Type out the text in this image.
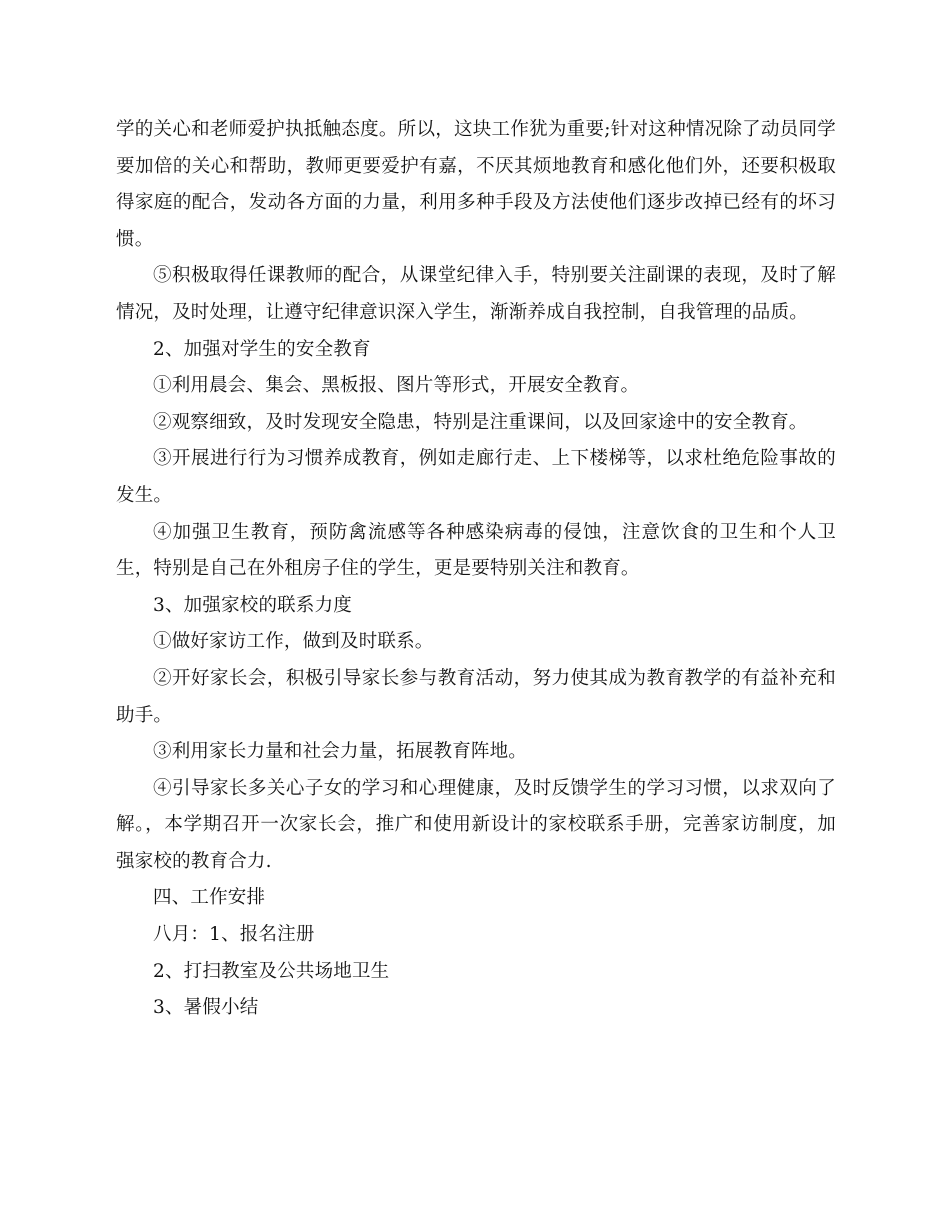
学的关心和老师爱护执抵触态度。所以，这块工作犹为重要;针对这种情况除了动员同学要加倍的关心和帮助，教师更要爱护有嘉，不厌其烦地教育和感化他们外，还要积极取得家庭的配合，发动各方面的力量，利用多种手段及方法使他们逐步改掉已经有的坏习惯。

⑤积极取得任课教师的配合，从课堂纪律入手，特别要关注副课的表现，及时了解情况，及时处理，让遵守纪律意识深入学生，渐渐养成自我控制，自我管理的品质。

2、加强对学生的安全教育

①利用晨会、集会、黑板报、图片等形式，开展安全教育。

②观察细致，及时发现安全隐患，特别是注重课间，以及回家途中的安全教育。

③开展进行行为习惯养成教育，例如走廊行走、上下楼梯等，以求杜绝危险事故的发生。

④加强卫生教育，预防禽流感等各种感染病毒的侵蚀，注意饮食的卫生和个人卫生，特别是自己在外租房子住的学生，更是要特别关注和教育。

3、加强家校的联系力度

①做好家访工作，做到及时联系。

②开好家长会，积极引导家长参与教育活动，努力使其成为教育教学的有益补充和助手。

③利用家长力量和社会力量，拓展教育阵地。

④引导家长多关心子女的学习和心理健康，及时反馈学生的学习习惯，以求双向了解。，本学期召开一次家长会，推广和使用新设计的家校联系手册，完善家访制度，加强家校的教育合力.

四、工作安排

八月：1、报名注册

2、打扫教室及公共场地卫生

3、暑假小结
